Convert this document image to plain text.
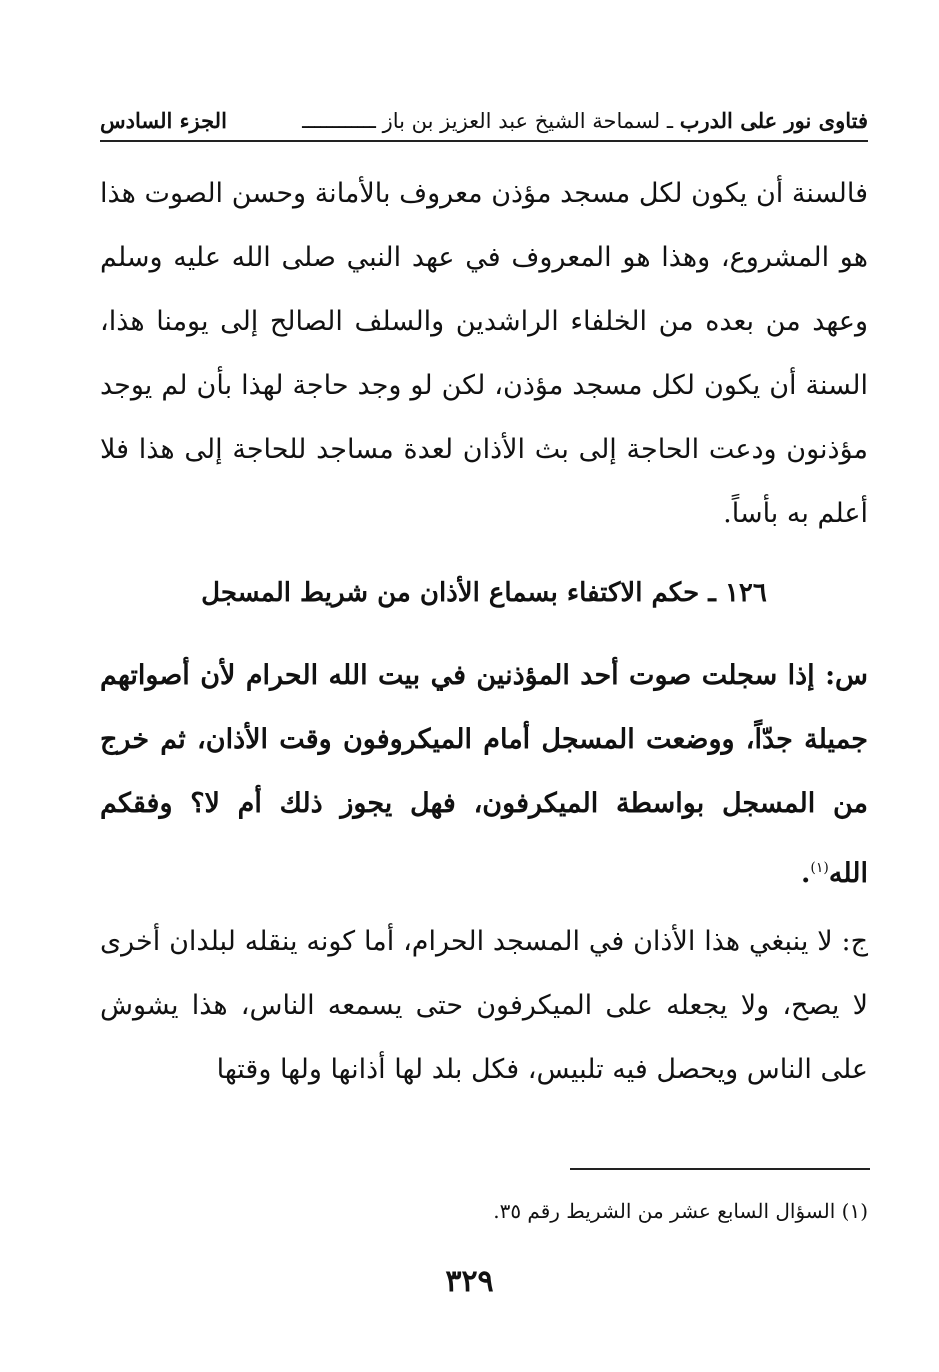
فتاوى نور على الدرب ـ لسماحة الشيخ عبد العزيز بن باز ــــــــــــ
الجزء السادس

فالسنة أن يكون لكل مسجد مؤذن معروف بالأمانة وحسن الصوت هذا هو المشروع، وهذا هو المعروف في عهد النبي صلى الله عليه وسلم وعهد من بعده من الخلفاء الراشدين والسلف الصالح إلى يومنا هذا، السنة أن يكون لكل مسجد مؤذن، لكن لو وجد حاجة لهذا بأن لم يوجد مؤذنون ودعت الحاجة إلى بث الأذان لعدة مساجد للحاجة إلى هذا فلا أعلم به بأساً.

١٢٦ ـ حكم الاكتفاء بسماع الأذان من شريط المسجل

س: إذا سجلت صوت أحد المؤذنين في بيت الله الحرام لأن أصواتهم جميلة جدّاً، ووضعت المسجل أمام الميكروفون وقت الأذان، ثم خرج من المسجل بواسطة الميكرفون، فهل يجوز ذلك أم لا؟ وفقكم الله$^{(١)}$.

ج: لا ينبغي هذا الأذان في المسجد الحرام، أما كونه ينقله لبلدان أخرى لا يصح، ولا يجعله على الميكرفون حتى يسمعه الناس، هذا يشوش على الناس ويحصل فيه تلبيس، فكل بلد لها أذانها ولها وقتها

(١) السؤال السابع عشر من الشريط رقم ٣٥.
٣٢٩
